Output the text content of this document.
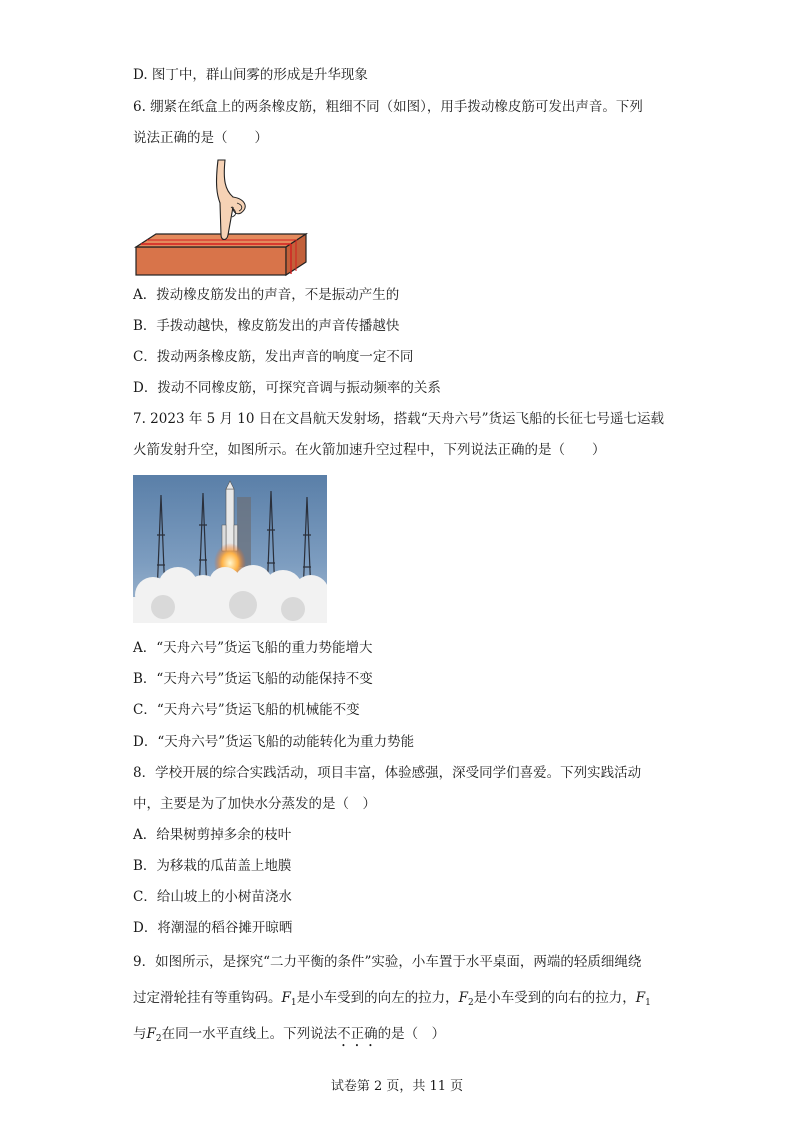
D. 图丁中，群山间雾的形成是升华现象
6. 绷紧在纸盒上的两条橡皮筋，粗细不同（如图），用手拨动橡皮筋可发出声音。下列
说法正确的是（　　）
A．拨动橡皮筋发出的声音，不是振动产生的
B．手拨动越快，橡皮筋发出的声音传播越快
C．拨动两条橡皮筋，发出声音的响度一定不同
D．拨动不同橡皮筋，可探究音调与振动频率的关系
7. 2023 年 5 月 10 日在文昌航天发射场，搭载“天舟六号”货运飞船的长征七号遥七运载
火箭发射升空，如图所示。在火箭加速升空过程中，下列说法正确的是（　　）
A．“天舟六号”货运飞船的重力势能增大
B．“天舟六号”货运飞船的动能保持不变
C．“天舟六号”货运飞船的机械能不变
D．“天舟六号”货运飞船的动能转化为重力势能
8．学校开展的综合实践活动，项目丰富，体验感强，深受同学们喜爱。下列实践活动
中，主要是为了加快水分蒸发的是（　）
A．给果树剪掉多余的枝叶
B．为移栽的瓜苗盖上地膜
C．给山坡上的小树苗浇水
D．将潮湿的稻谷摊开晾晒
9．如图所示，是探究“二力平衡的条件”实验，小车置于水平桌面，两端的轻质细绳绕
过定滑轮挂有等重钩码。$F_1$是小车受到的向左的拉力，$F_2$是小车受到的向右的拉力，$F_1$
与$F_2$在同一水平直线上。下列说法不正确的是（　）
试卷第 2 页，共 11 页
